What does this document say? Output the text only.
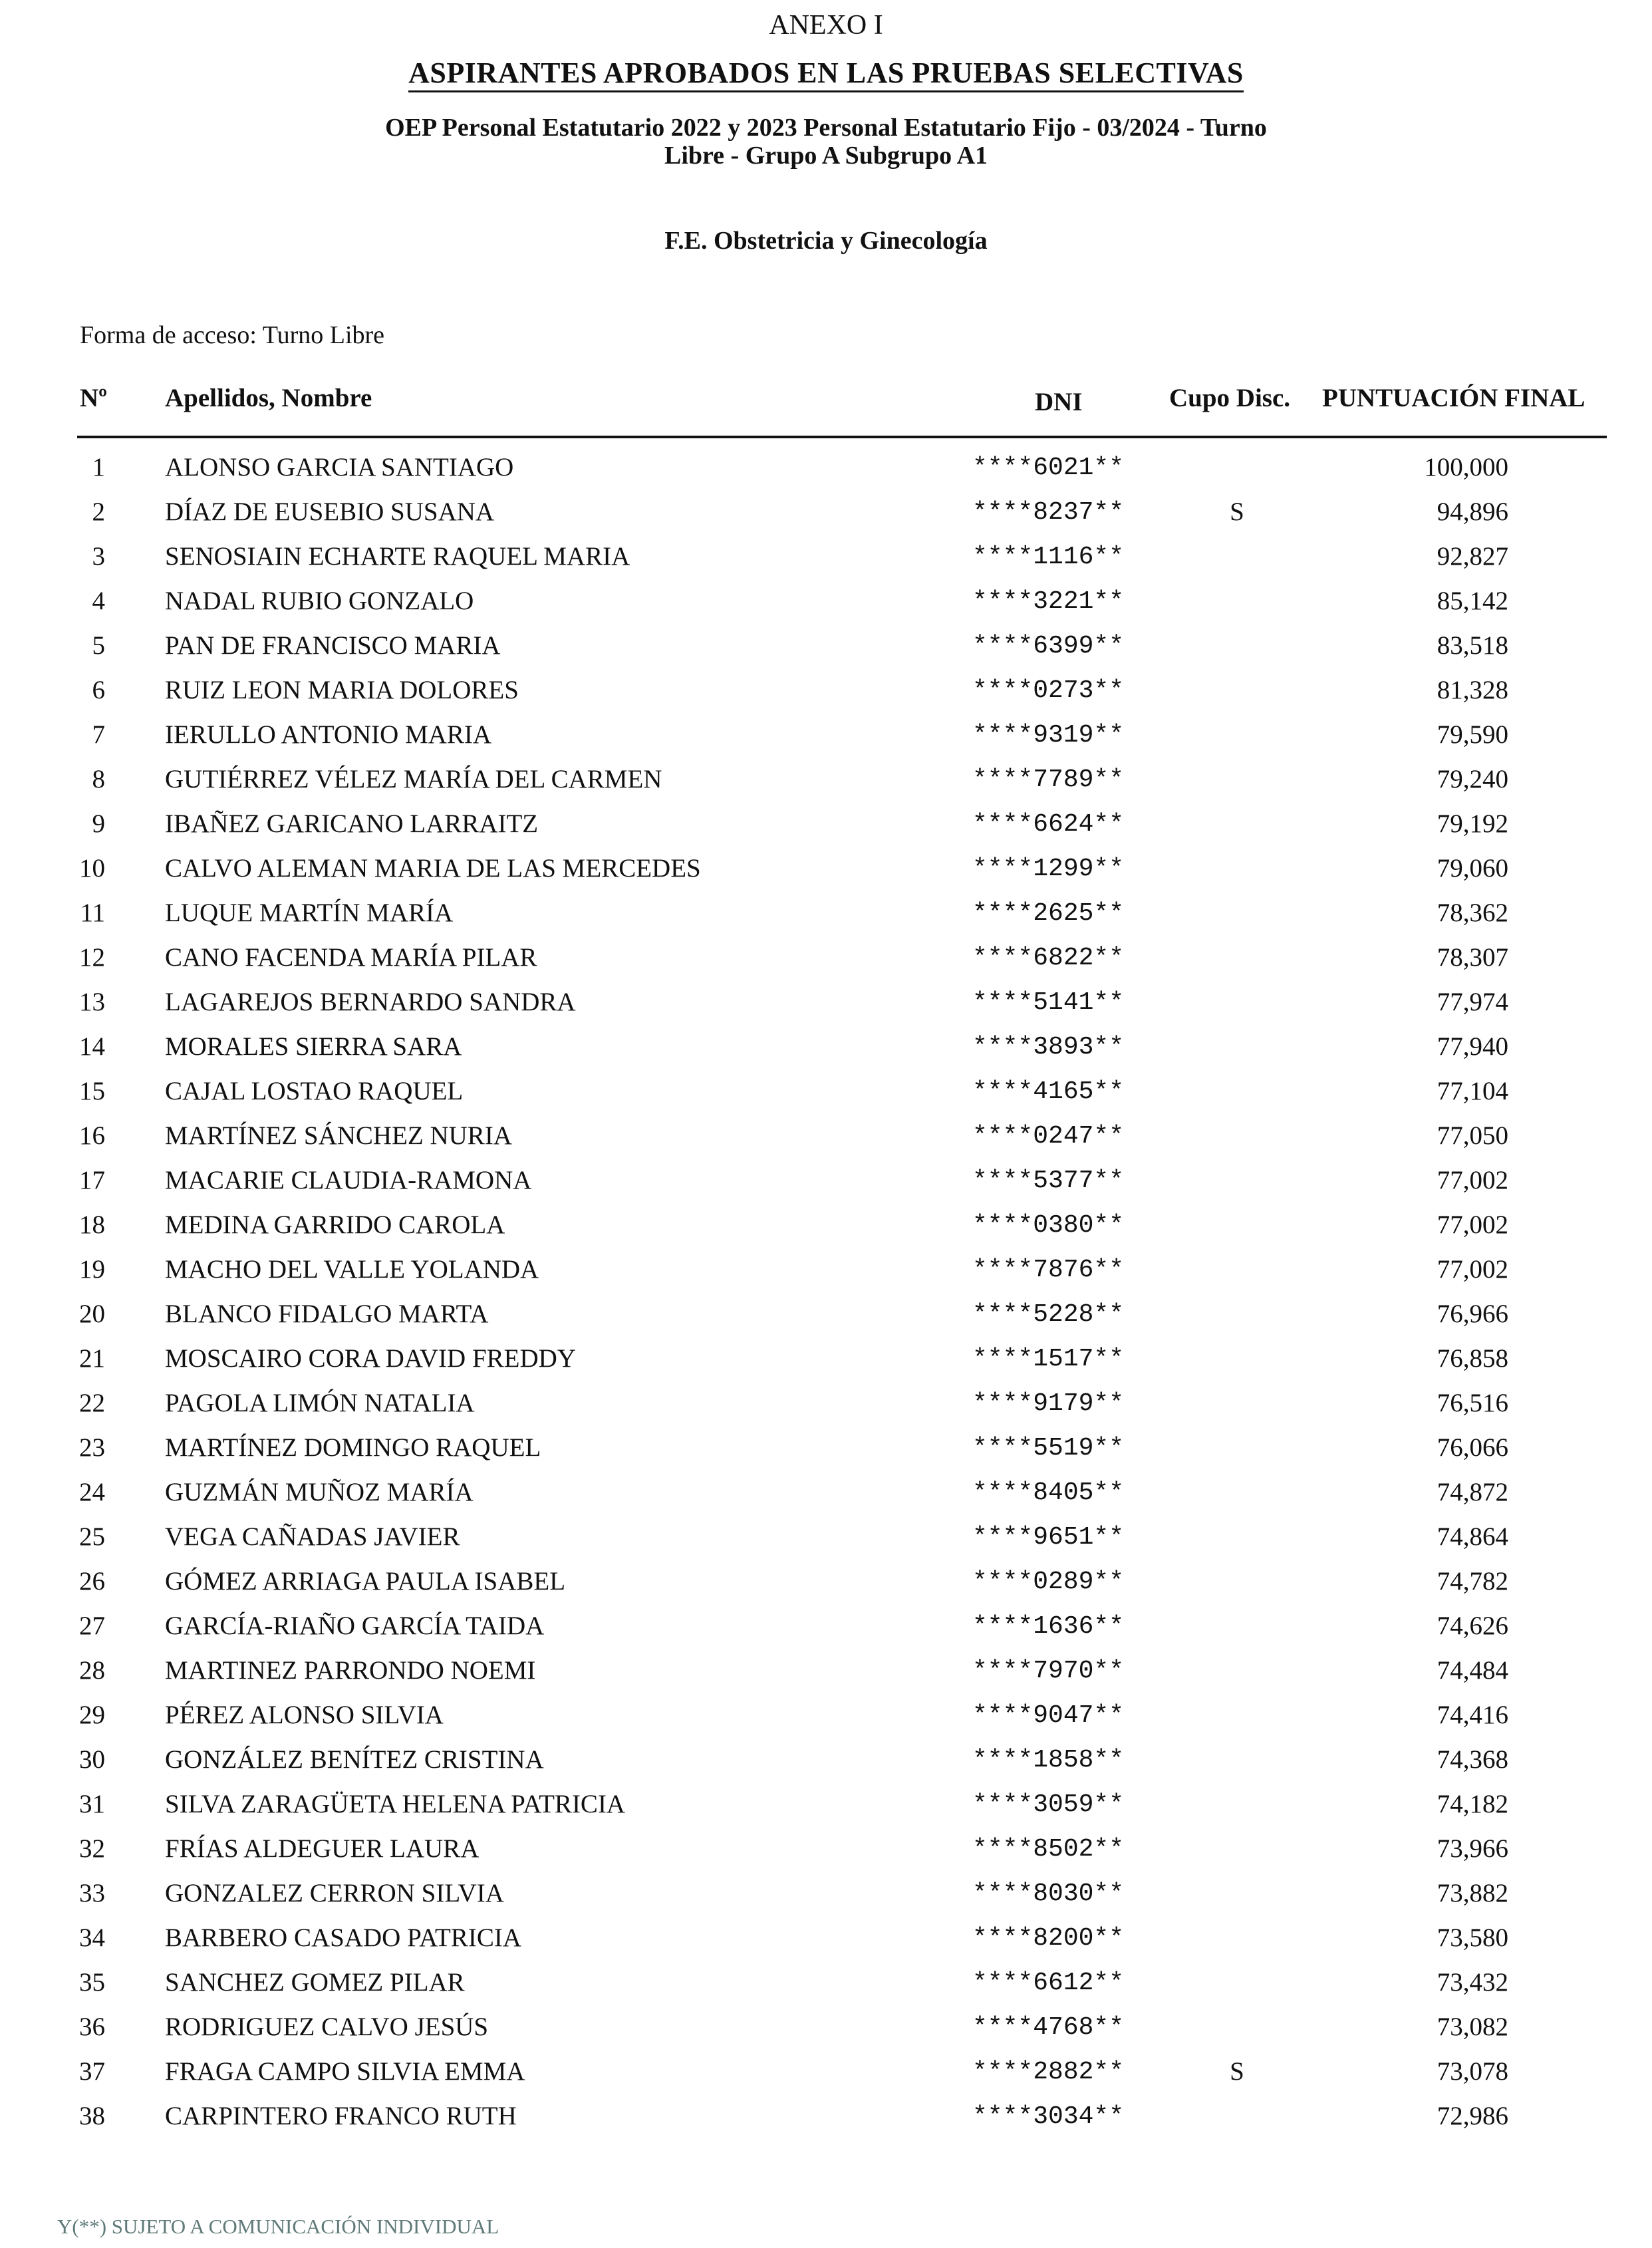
ANEXO I
ASPIRANTES APROBADOS EN LAS PRUEBAS SELECTIVAS
OEP Personal Estatutario 2022 y 2023 Personal Estatutario Fijo - 03/2024 - Turno
Libre - Grupo A Subgrupo A1
F.E. Obstetricia y Ginecología
Forma de acceso: Turno Libre
Nº Apellidos, Nombre	DNI	Cupo Disc. PUNTUACIÓN FINAL
1 ALONSO GARCIA SANTIAGO	****6021**	100,000
2 DÍAZ DE EUSEBIO SUSANA	****8237**	S	94,896
3 SENOSIAIN ECHARTE RAQUEL MARIA	****1116**	92,827
4 NADAL RUBIO GONZALO	****3221**	85,142
5 PAN DE FRANCISCO MARIA	****6399**	83,518
6 RUIZ LEON MARIA DOLORES	****0273**	81,328
7 IERULLO ANTONIO MARIA	****9319**	79,590
8 GUTIÉRREZ VÉLEZ MARÍA DEL CARMEN	****7789**	79,240
9 IBAÑEZ GARICANO LARRAITZ	****6624**	79,192
10 CALVO ALEMAN MARIA DE LAS MERCEDES	****1299**	79,060
11 LUQUE MARTÍN MARÍA	****2625**	78,362
12 CANO FACENDA MARÍA PILAR	****6822**	78,307
13 LAGAREJOS BERNARDO SANDRA	****5141**	77,974
14 MORALES SIERRA SARA	****3893**	77,940
15 CAJAL LOSTAO RAQUEL	****4165**	77,104
16 MARTÍNEZ SÁNCHEZ NURIA	****0247**	77,050
17 MACARIE CLAUDIA-RAMONA	****5377**	77,002
18 MEDINA GARRIDO CAROLA	****0380**	77,002
19 MACHO DEL VALLE YOLANDA	****7876**	77,002
20 BLANCO FIDALGO MARTA	****5228**	76,966
21 MOSCAIRO CORA DAVID FREDDY	****1517**	76,858
22 PAGOLA LIMÓN NATALIA	****9179**	76,516
23 MARTÍNEZ DOMINGO RAQUEL	****5519**	76,066
24 GUZMÁN MUÑOZ MARÍA	****8405**	74,872
25 VEGA CAÑADAS JAVIER	****9651**	74,864
26 GÓMEZ ARRIAGA PAULA ISABEL	****0289**	74,782
27 GARCÍA-RIAÑO GARCÍA TAIDA	****1636**	74,626
28 MARTINEZ PARRONDO NOEMI	****7970**	74,484
29 PÉREZ ALONSO SILVIA	****9047**	74,416
30 GONZÁLEZ BENÍTEZ CRISTINA	****1858**	74,368
31 SILVA ZARAGÜETA HELENA PATRICIA	****3059**	74,182
32 FRÍAS ALDEGUER LAURA	****8502**	73,966
33 GONZALEZ CERRON SILVIA	****8030**	73,882
34 BARBERO CASADO PATRICIA	****8200**	73,580
35 SANCHEZ GOMEZ PILAR	****6612**	73,432
36 RODRIGUEZ CALVO JESÚS	****4768**	73,082
37 FRAGA CAMPO SILVIA EMMA	****2882**	S	73,078
38 CARPINTERO FRANCO RUTH	****3034**	72,986
Y(**) SUJETO A COMUNICACIÓN INDIVIDUAL
